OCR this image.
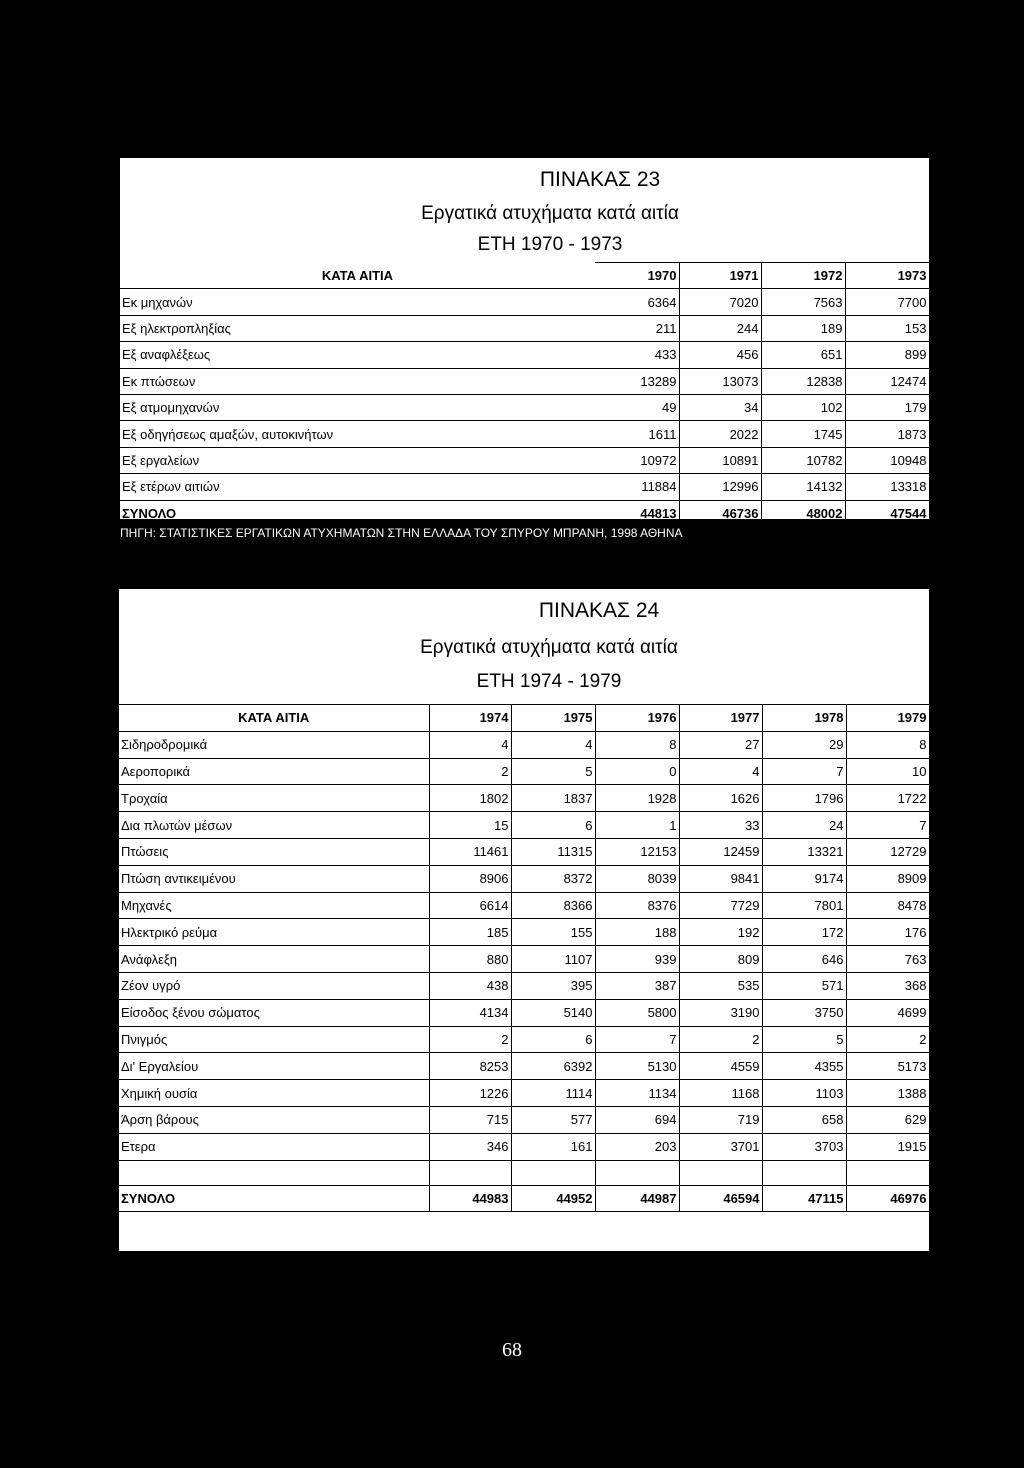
ΠΙΝΑΚΑΣ 23
Εργατικά ατυχήματα κατά αιτία
ΕΤΗ 1970 - 1973
ΚΑΤΑ ΑΙΤΙΑ	1970	1971	1972	1973
Εκ μηχανών	6364	7020	7563	7700
Εξ ηλεκτροπληξίας	211	244	189	153
Εξ αναφλέξεως	433	456	651	899
Εκ πτώσεων	13289	13073	12838	12474
Εξ ατμομηχανών	49	34	102	179
Εξ οδηγήσεως αμαξών, αυτοκινήτων	1611	2022	1745	1873
Εξ εργαλείων	10972	10891	10782	10948
Εξ ετέρων αιτιών	11884	12996	14132	13318
ΣΥΝΟΛΟ	44813	46736	48002	47544
ΠΗΓΗ: ΣΤΑΤΙΣΤΙΚΕΣ ΕΡΓΑΤΙΚΩΝ ΑΤΥΧΗΜΑΤΩΝ ΣΤΗΝ ΕΛΛΑΔΑ ΤΟΥ ΣΠΥΡΟΥ ΜΠΡΑΝΗ, 1998 ΑΘΗΝΑ
ΠΙΝΑΚΑΣ 24
Εργατικά ατυχήματα κατά αιτία
ΕΤΗ 1974 - 1979
ΚΑΤΑ ΑΙΤΙΑ	1974	1975	1976	1977	1978	1979
Σιδηροδρομικά	4	4	8	27	29	8
Αεροπορικά	2	5	0	4	7	10
Τροχαία	1802	1837	1928	1626	1796	1722
Δια πλωτών μέσων	15	6	1	33	24	7
Πτώσεις	11461	11315	12153	12459	13321	12729
Πτώση αντικειμένου	8906	8372	8039	9841	9174	8909
Μηχανές	6614	8366	8376	7729	7801	8478
Ηλεκτρικό ρεύμα	185	155	188	192	172	176
Ανάφλεξη	880	1107	939	809	646	763
Ζέον υγρό	438	395	387	535	571	368
Είσοδος ξένου σώματος	4134	5140	5800	3190	3750	4699
Πνιγμός	2	6	7	2	5	2
Δι' Εργαλείου	8253	6392	5130	4559	4355	5173
Χημική ουσία	1226	1114	1134	1168	1103	1388
Άρση βάρους	715	577	694	719	658	629
Ετερα	346	161	203	3701	3703	1915

ΣΥΝΟΛΟ	44983	44952	44987	46594	47115	46976
ΠΗΓΗ: ΣΤΑΤΙΣΤΙΚΕΣ ΕΡΓΑΤΙΚΩΝ ΑΤΥΧΗΜΑΤΩΝ ΣΤΗΝ ΕΛΛΑΔΑ ΤΟΥ ΣΠΥΡΟΥ ΜΠΡΑΝΗ, 1998 ΑΘΗΝΑ
68
